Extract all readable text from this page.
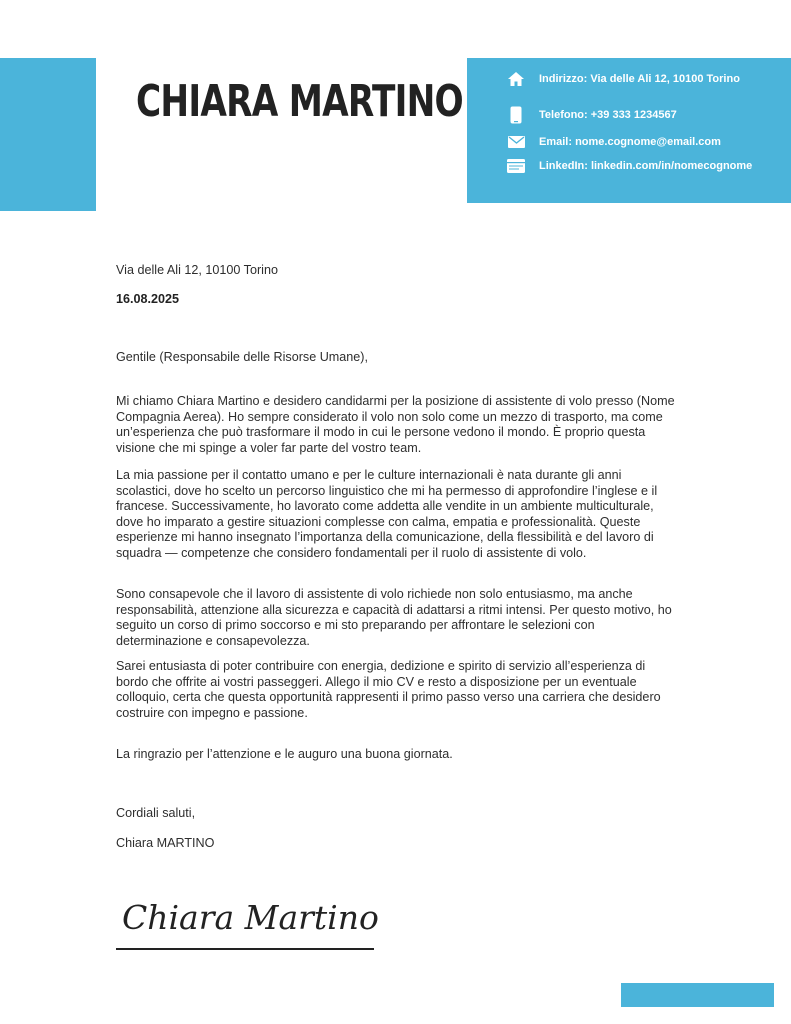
CHIARA MARTINO	Indirizzo: Via delle Ali 12, 10100 Torino
Telefono: +39 333 1234567
Email: nome.cognome@email.com
LinkedIn: linkedin.com/in/nomecognome
Via delle Ali 12, 10100 Torino
16.08.2025
Gentile (Responsabile delle Risorse Umane),

Mi chiamo Chiara Martino e desidero candidarmi per la posizione di assistente di volo presso (Nome Compagnia Aerea). Ho sempre considerato il volo non solo come un mezzo di trasporto, ma come un’esperienza che può trasformare il modo in cui le persone vedono il mondo. È proprio questa visione che mi spinge a voler far parte del vostro team.

La mia passione per il contatto umano e per le culture internazionali è nata durante gli anni scolastici, dove ho scelto un percorso linguistico che mi ha permesso di approfondire l’inglese e il francese. Successivamente, ho lavorato come addetta alle vendite in un ambiente multiculturale, dove ho imparato a gestire situazioni complesse con calma, empatia e professionalità. Queste esperienze mi hanno insegnato l’importanza della comunicazione, della flessibilità e del lavoro di squadra — competenze che considero fondamentali per il ruolo di assistente di volo.

Sono consapevole che il lavoro di assistente di volo richiede non solo entusiasmo, ma anche responsabilità, attenzione alla sicurezza e capacità di adattarsi a ritmi intensi. Per questo motivo, ho seguito un corso di primo soccorso e mi sto preparando per affrontare le selezioni con determinazione e consapevolezza.

Sarei entusiasta di poter contribuire con energia, dedizione e spirito di servizio all’esperienza di bordo che offrite ai vostri passeggeri. Allego il mio CV e resto a disposizione per un eventuale colloquio, certa che questa opportunità rappresenti il primo passo verso una carriera che desidero costruire con impegno e passione.

La ringrazio per l’attenzione e le auguro una buona giornata.
Cordiali saluti,
Chiara MARTINO
Chiara Martino
